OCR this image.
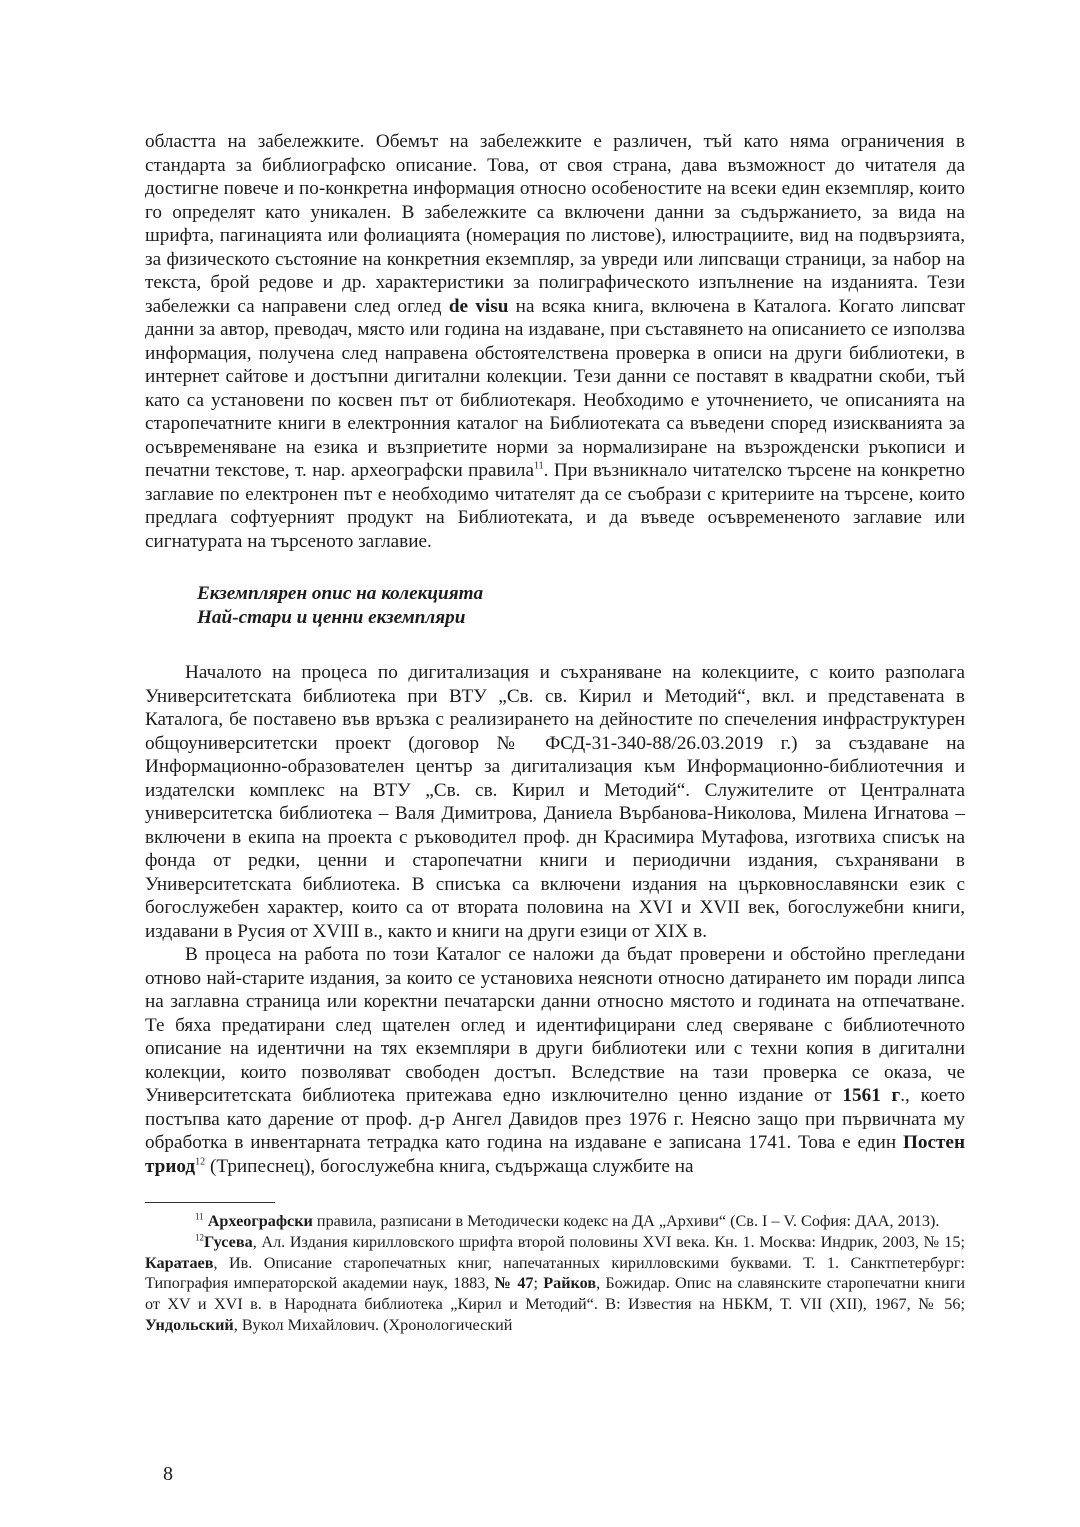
областта на забележките. Обемът на забележките е различен, тъй като няма ограничения в стандарта за библиографско описание. Това, от своя страна, дава възможност до читателя да достигне повече и по-конкретна информация относно особеностите на всеки един екземпляр, които го определят като уникален. В забележките са включени данни за съдържанието, за вида на шрифта, пагинацията или фолиацията (номерация по листове), илюстрациите, вид на подвързията, за физическото състояние на конкретния екземпляр, за увреди или липсващи страници, за набор на текста, брой редове и др. характеристики за полиграфическото изпълнение на изданията. Тези забележки са направени след оглед de visu на всяка книга, включена в Каталога. Когато липсват данни за автор, преводач, място или година на издаване, при съставянето на описанието се използва информация, получена след направена обстоятелствена проверка в описи на други библиотеки, в интернет сайтове и достъпни дигитални колекции. Тези данни се поставят в квадратни скоби, тъй като са установени по косвен път от библиотекаря. Необходимо е уточнението, че описанията на старопечатните книги в електронния каталог на Библиотеката са въведени според изискванията за осъвременяване на езика и възприетите норми за нормализиране на възрожденски ръкописи и печатни текстове, т. нар. археографски правила$^{11}$. При възникнало читателско търсене на конкретно заглавие по електронен път е необходимо читателят да се съобрази с критериите на търсене, които предлага софтуерният продукт на Библиотеката, и да въведе осъвремененото заглавие или сигнатурата на търсеното заглавие.

Екземплярен опис на колекцията
Най-стари и ценни екземпляри

Началото на процеса по дигитализация и съхраняване на колекциите, с които разполага Университетската библиотека при ВТУ „Св. св. Кирил и Методий“, вкл. и представената в Каталога, бе поставено във връзка с реализирането на дейностите по спечеления инфраструктурен общоуниверситетски проект (договор № ФСД-31-340-88/26.03.2019 г.) за създаване на Информационно-образователен център за дигитализация към Информационно-библиотечния и издателски комплекс на ВТУ „Св. св. Кирил и Методий“. Служителите от Централната университетска библиотека – Валя Димитрова, Даниела Върбанова-Николова, Милена Игнатова – включени в екипа на проекта с ръководител проф. дн Красимира Мутафова, изготвиха списък на фонда от редки, ценни и старопечатни книги и периодични издания, съхранявани в Университетската библиотека. В списъка са включени издания на църковнославянски език с богослужебен характер, които са от втората половина на XVI и XVII век, богослужебни книги, издавани в Русия от XVIII в., както и книги на други езици от XIX в.

В процеса на работа по този Каталог се наложи да бъдат проверени и обстойно прегледани отново най-старите издания, за които се установиха неясноти относно датирането им поради липса на заглавна страница или коректни печатарски данни относно мястото и годината на отпечатване. Те бяха предатирани след щателен оглед и идентифицирани след сверяване с библиотечното описание на идентични на тях екземпляри в други библиотеки или с техни копия в дигитални колекции, които позволяват свободен достъп. Вследствие на тази проверка се оказа, че Университетската библиотека притежава едно изключително ценно издание от 1561 г., което постъпва като дарение от проф. д-р Ангел Давидов през 1976 г. Неясно защо при първичната му обработка в инвентарната тетрадка като година на издаване е записана 1741. Това е един Постен триод$^{12}$ (Трипеснец), богослужебна книга, съдържаща службите на

$^{11}$ Археографски правила, разписани в Методически кодекс на ДА „Архиви“ (Св. I – V. София: ДАА, 2013).

$^{12}$Гусева, Ал. Издания кирилловского шрифта второй половины XVI века. Кн. 1. Москва: Индрик, 2003, № 15; Каратаев, Ив. Описание старопечатных книг, напечатанных кирилловскими буквами. Т. 1. Санктпетербург: Типография императорской академии наук, 1883, № 47; Райков, Божидар. Опис на славянските старопечатни книги от XV и XVI в. в Народната библиотека „Кирил и Методий“. В: Известия на НБКМ, Т. VII (XII), 1967, № 56; Ундольский, Вукол Михайлович. (Хронологический

8
